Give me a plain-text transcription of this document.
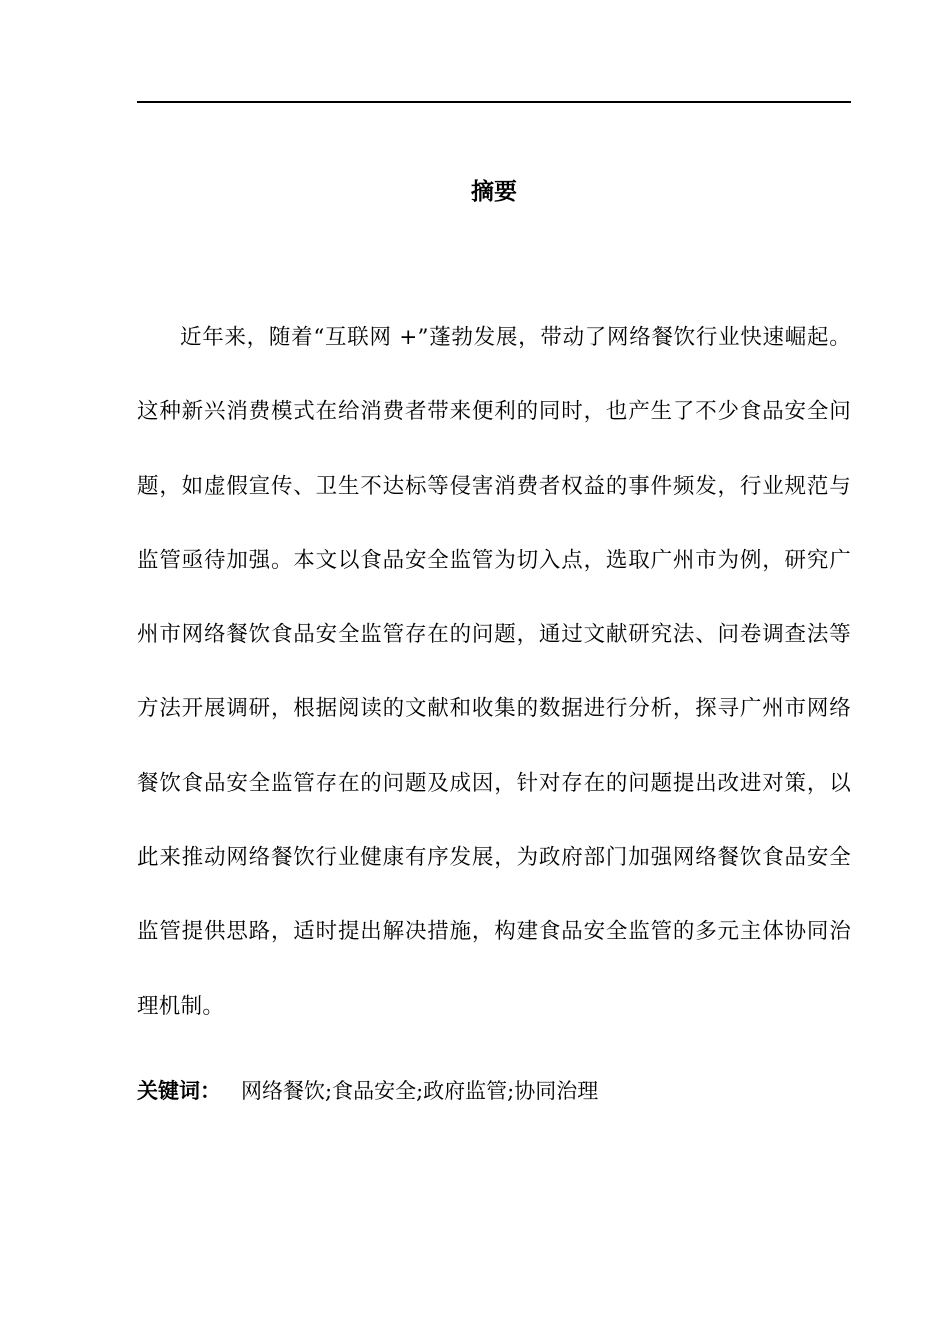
摘要

近年来，随着“互联网 +”蓬勃发展，带动了网络餐饮行业快速崛起。这种新兴消费模式在给消费者带来便利的同时，也产生了不少食品安全问题，如虚假宣传、卫生不达标等侵害消费者权益的事件频发，行业规范与监管亟待加强。本文以食品安全监管为切入点，选取广州市为例，研究广州市网络餐饮食品安全监管存在的问题，通过文献研究法、问卷调查法等方法开展调研，根据阅读的文献和收集的数据进行分析，探寻广州市网络餐饮食品安全监管存在的问题及成因，针对存在的问题提出改进对策，以此来推动网络餐饮行业健康有序发展，为政府部门加强网络餐饮食品安全监管提供思路，适时提出解决措施，构建食品安全监管的多元主体协同治理机制。

关键词： 网络餐饮;食品安全;政府监管;协同治理
